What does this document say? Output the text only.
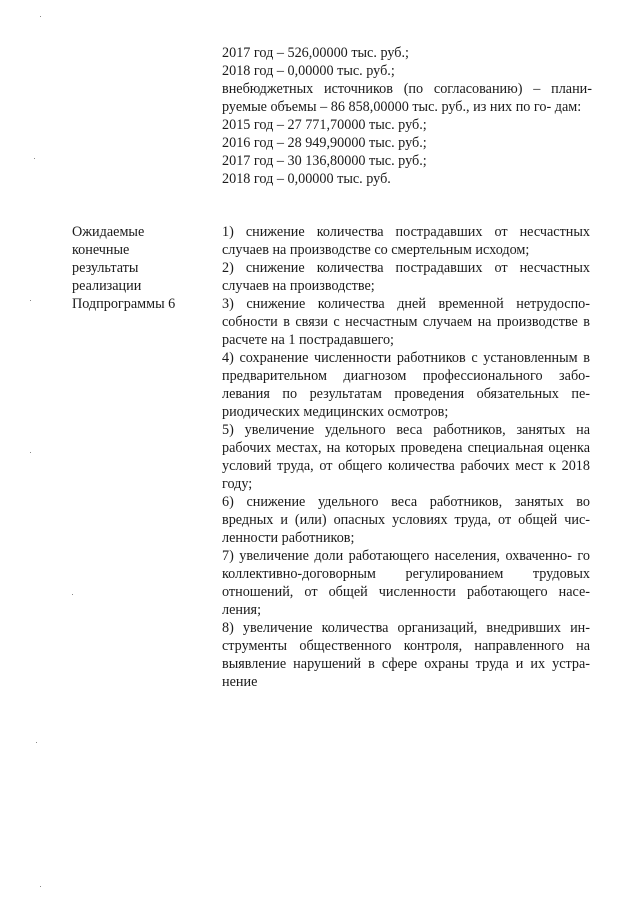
2017 год – 526,00000 тыс. руб.;
2018 год – 0,00000 тыс. руб.;
внебюджетных источников (по согласованию) – плани- руемые объемы – 86 858,00000 тыс. руб., из них по го- дам:
2015 год – 27 771,70000 тыс. руб.;
2016 год – 28 949,90000 тыс. руб.;
2017 год – 30 136,80000 тыс. руб.;
2018 год – 0,00000 тыс. руб.
Ожидаемые
конечные
результаты
реализации
Подпрограммы 6
1) снижение количества пострадавших от несчастных случаев на производстве со смертельным исходом;
2) снижение количества пострадавших от несчастных случаев на производстве;
3) снижение количества дней временной нетрудоспо- собности в связи с несчастным случаем на производстве в расчете на 1 пострадавшего;
4) сохранение численности работников с установленным в предварительном диагнозом профессионального забо- левания по результатам проведения обязательных пе- риодических медицинских осмотров;
5) увеличение удельного веса работников, занятых на рабочих местах, на которых проведена специальная оценка условий труда, от общего количества рабочих мест к 2018 году;
6) снижение удельного веса работников, занятых во вредных и (или) опасных условиях труда, от общей чис- ленности работников;
7) увеличение доли работающего населения, охваченно- го коллективно-договорным регулированием трудовых отношений, от общей численности работающего насе- ления;
8) увеличение количества организаций, внедривших ин- струменты общественного контроля, направленного на выявление нарушений в сфере охраны труда и их устра- нение
